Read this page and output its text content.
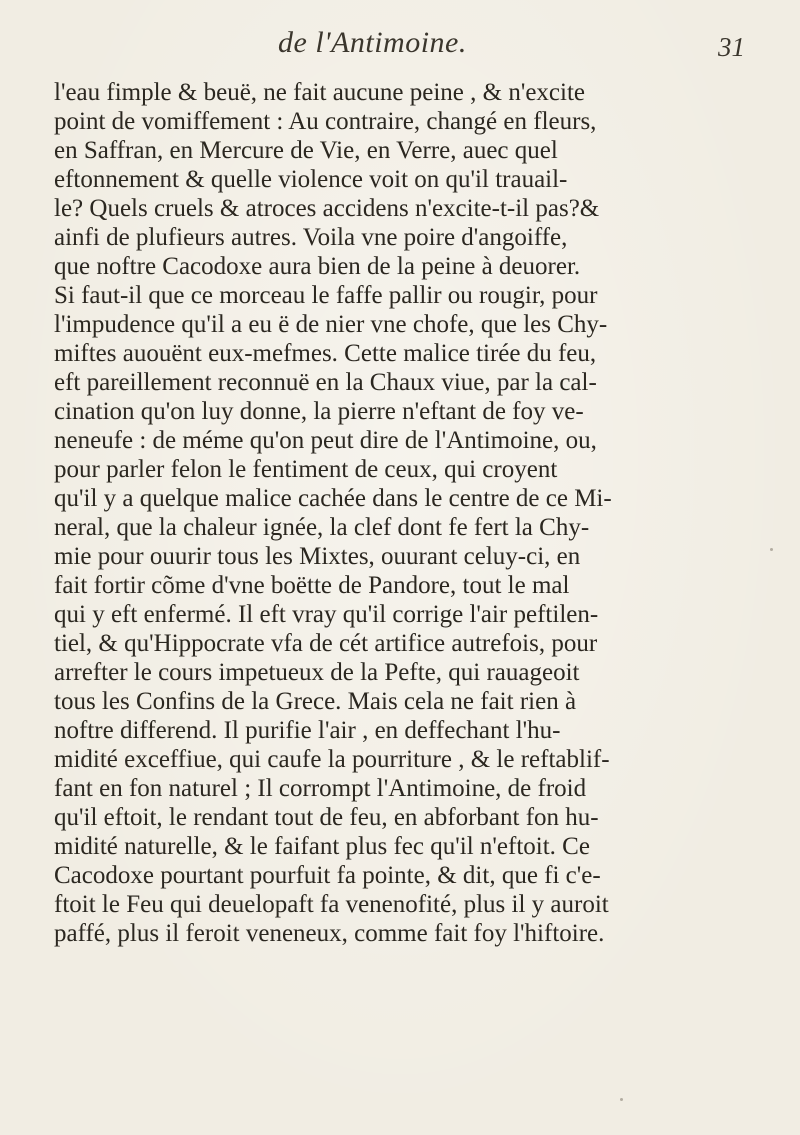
de l'Antimoine.	31
l'eau fimple & beuë, ne fait aucune peine , & n'excite
point de vomiffement : Au contraire, changé en fleurs,
en Saffran, en Mercure de Vie, en Verre, auec quel
eftonnement & quelle violence voit on qu'il trauail-
le? Quels cruels & atroces accidens n'excite-t-il pas?&
ainfi de plufieurs autres. Voila vne poire d'angoiffe,
que noftre Cacodoxe aura bien de la peine à deuorer.
Si faut-il que ce morceau le faffe pallir ou rougir, pour
l'impudence qu'il a eu ë de nier vne chofe, que les Chy-
miftes auouënt eux-mefmes. Cette malice tirée du feu,
eft pareillement reconnuë en la Chaux viue, par la cal-
cination qu'on luy donne, la pierre n'eftant de foy ve-
neneufe : de méme qu'on peut dire de l'Antimoine, ou,
pour parler felon le fentiment de ceux, qui croyent
qu'il y a quelque malice cachée dans le centre de ce Mi-
neral, que la chaleur ignée, la clef dont fe fert la Chy-
mie pour ouurir tous les Mixtes, ouurant celuy-ci, en
fait fortir cõme d'vne boëtte de Pandore, tout le mal
qui y eft enfermé. Il eft vray qu'il corrige l'air peftilen-
tiel, & qu'Hippocrate vfa de cét artifice autrefois, pour
arrefter le cours impetueux de la Pefte, qui rauageoit
tous les Confins de la Grece. Mais cela ne fait rien à
noftre differend. Il purifie l'air , en deffechant l'hu-
midité exceffiue, qui caufe la pourriture , & le reftablif-
fant en fon naturel ; Il corrompt l'Antimoine, de froid
qu'il eftoit, le rendant tout de feu, en abforbant fon hu-
midité naturelle, & le faifant plus fec qu'il n'eftoit. Ce
Cacodoxe pourtant pourfuit fa pointe, & dit, que fi c'e-
ftoit le Feu qui deuelopaft fa venenofité, plus il y auroit
paffé, plus il feroit veneneux, comme fait foy l'hiftoire.
